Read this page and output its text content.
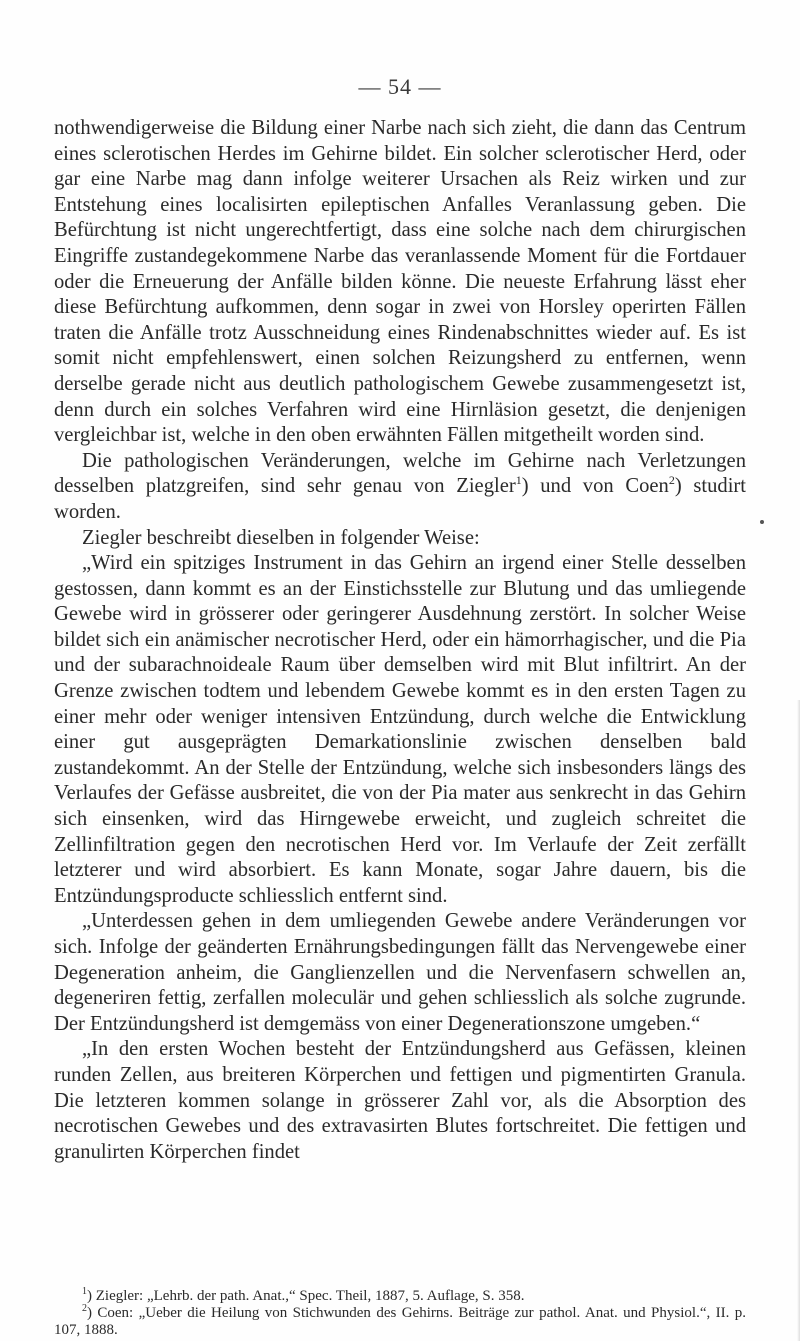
— 54 —

nothwendigerweise die Bildung einer Narbe nach sich zieht, die dann das Centrum eines sclerotischen Herdes im Gehirne bildet. Ein solcher sclerotischer Herd, oder gar eine Narbe mag dann infolge weiterer Ursachen als Reiz wirken und zur Entstehung eines localisirten epileptischen Anfalles Veranlassung geben. Die Befürchtung ist nicht ungerechtfertigt, dass eine solche nach dem chirurgischen Eingriffe zustandegekommene Narbe das veranlassende Moment für die Fortdauer oder die Erneuerung der Anfälle bilden könne. Die neueste Erfahrung lässt eher diese Befürchtung aufkommen, denn sogar in zwei von Horsley operirten Fällen traten die Anfälle trotz Ausschneidung eines Rindenabschnittes wieder auf. Es ist somit nicht empfehlenswert, einen solchen Reizungsherd zu entfernen, wenn derselbe gerade nicht aus deutlich pathologischem Gewebe zusammengesetzt ist, denn durch ein solches Verfahren wird eine Hirnläsion gesetzt, die denjenigen vergleichbar ist, welche in den oben erwähnten Fällen mitgetheilt worden sind.

Die pathologischen Veränderungen, welche im Gehirne nach Verletzungen desselben platzgreifen, sind sehr genau von Ziegler$^1$) und von Coen$^2$) studirt worden.

Ziegler beschreibt dieselben in folgender Weise:

„Wird ein spitziges Instrument in das Gehirn an irgend einer Stelle desselben gestossen, dann kommt es an der Einstichsstelle zur Blutung und das umliegende Gewebe wird in grösserer oder geringerer Ausdehnung zerstört. In solcher Weise bildet sich ein anämischer necrotischer Herd, oder ein hämorrhagischer, und die Pia und der subarachnoideale Raum über demselben wird mit Blut infiltrirt. An der Grenze zwischen todtem und lebendem Gewebe kommt es in den ersten Tagen zu einer mehr oder weniger intensiven Entzündung, durch welche die Entwicklung einer gut ausgeprägten Demarkationslinie zwischen denselben bald zustandekommt. An der Stelle der Entzündung, welche sich insbesonders längs des Verlaufes der Gefässe ausbreitet, die von der Pia mater aus senkrecht in das Gehirn sich einsenken, wird das Hirngewebe erweicht, und zugleich schreitet die Zellinfiltration gegen den necrotischen Herd vor. Im Verlaufe der Zeit zerfällt letzterer und wird absorbiert. Es kann Monate, sogar Jahre dauern, bis die Entzündungsproducte schliesslich entfernt sind.

„Unterdessen gehen in dem umliegenden Gewebe andere Veränderungen vor sich. Infolge der geänderten Ernährungsbedingungen fällt das Nervengewebe einer Degeneration anheim, die Ganglienzellen und die Nervenfasern schwellen an, degeneriren fettig, zerfallen moleculär und gehen schliesslich als solche zugrunde. Der Entzündungsherd ist demgemäss von einer Degenerationszone umgeben.“

„In den ersten Wochen besteht der Entzündungsherd aus Gefässen, kleinen runden Zellen, aus breiteren Körperchen und fettigen und pigmentirten Granula. Die letzteren kommen solange in grösserer Zahl vor, als die Absorption des necrotischen Gewebes und des extravasirten Blutes fortschreitet. Die fettigen und granulirten Körperchen findet

$^1$) Ziegler: „Lehrb. der path. Anat.,“ Spec. Theil, 1887, 5. Auflage, S. 358.

$^2$) Coen: „Ueber die Heilung von Stichwunden des Gehirns. Beiträge zur pathol. Anat. und Physiol.“, II. p. 107, 1888.
